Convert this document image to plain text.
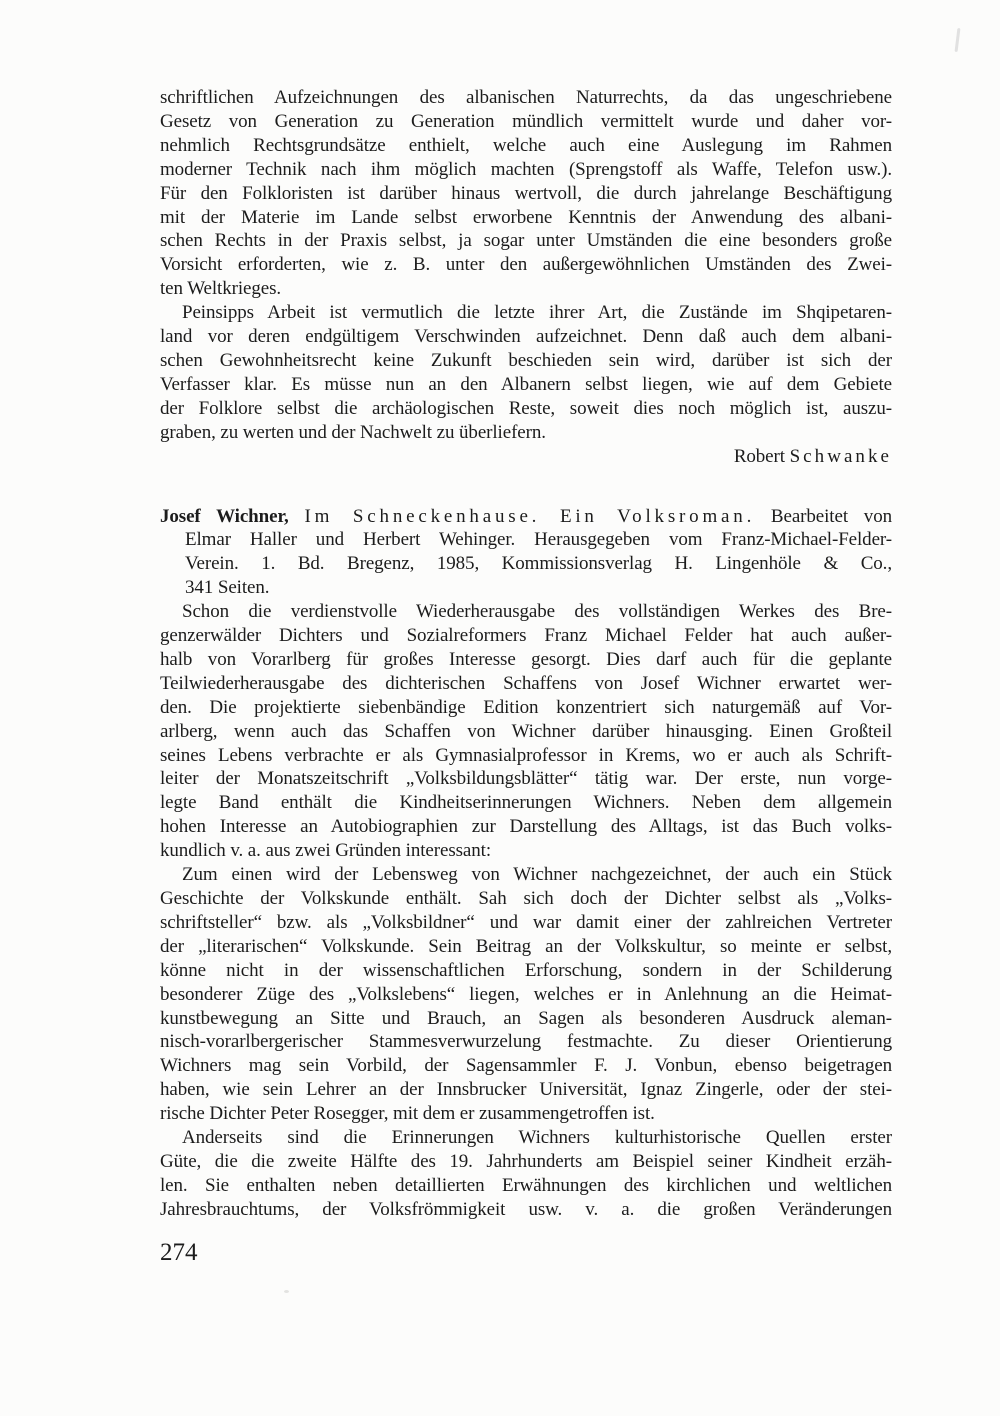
schriftlichen Aufzeichnungen des albanischen Naturrechts, da das ungeschriebene
Gesetz von Generation zu Generation mündlich vermittelt wurde und daher vor-
nehmlich Rechtsgrundsätze enthielt, welche auch eine Auslegung im Rahmen
moderner Technik nach ihm möglich machten (Sprengstoff als Waffe, Telefon usw.).
Für den Folkloristen ist darüber hinaus wertvoll, die durch jahrelange Beschäftigung
mit der Materie im Lande selbst erworbene Kenntnis der Anwendung des albani-
schen Rechts in der Praxis selbst, ja sogar unter Umständen die eine besonders große
Vorsicht erforderten, wie z. B. unter den außergewöhnlichen Umständen des Zwei-
ten Weltkrieges.
Peinsipps Arbeit ist vermutlich die letzte ihrer Art, die Zustände im Shqipetaren-
land vor deren endgültigem Verschwinden aufzeichnet. Denn daß auch dem albani-
schen Gewohnheitsrecht keine Zukunft beschieden sein wird, darüber ist sich der
Verfasser klar. Es müsse nun an den Albanern selbst liegen, wie auf dem Gebiete
der Folklore selbst die archäologischen Reste, soweit dies noch möglich ist, auszu-
graben, zu werten und der Nachwelt zu überliefern.
Robert Schwanke
Josef Wichner, Im Schneckenhause. Ein Volksroman. Bearbeitet von
Elmar Haller und Herbert Wehinger. Herausgegeben vom Franz-Michael-Felder-
Verein. 1. Bd. Bregenz, 1985, Kommissionsverlag H. Lingenhöle & Co.,
341 Seiten.
Schon die verdienstvolle Wiederherausgabe des vollständigen Werkes des Bre-
genzerwälder Dichters und Sozialreformers Franz Michael Felder hat auch außer-
halb von Vorarlberg für großes Interesse gesorgt. Dies darf auch für die geplante
Teilwiederherausgabe des dichterischen Schaffens von Josef Wichner erwartet wer-
den. Die projektierte siebenbändige Edition konzentriert sich naturgemäß auf Vor-
arlberg, wenn auch das Schaffen von Wichner darüber hinausging. Einen Großteil
seines Lebens verbrachte er als Gymnasialprofessor in Krems, wo er auch als Schrift-
leiter der Monatszeitschrift „Volksbildungsblätter“ tätig war. Der erste, nun vorge-
legte Band enthält die Kindheitserinnerungen Wichners. Neben dem allgemein
hohen Interesse an Autobiographien zur Darstellung des Alltags, ist das Buch volks-
kundlich v. a. aus zwei Gründen interessant:
Zum einen wird der Lebensweg von Wichner nachgezeichnet, der auch ein Stück
Geschichte der Volkskunde enthält. Sah sich doch der Dichter selbst als „Volks-
schriftsteller“ bzw. als „Volksbildner“ und war damit einer der zahlreichen Vertreter
der „literarischen“ Volkskunde. Sein Beitrag an der Volkskultur, so meinte er selbst,
könne nicht in der wissenschaftlichen Erforschung, sondern in der Schilderung
besonderer Züge des „Volkslebens“ liegen, welches er in Anlehnung an die Heimat-
kunstbewegung an Sitte und Brauch, an Sagen als besonderen Ausdruck aleman-
nisch-vorarlbergerischer Stammesverwurzelung festmachte. Zu dieser Orientierung
Wichners mag sein Vorbild, der Sagensammler F. J. Vonbun, ebenso beigetragen
haben, wie sein Lehrer an der Innsbrucker Universität, Ignaz Zingerle, oder der stei-
rische Dichter Peter Rosegger, mit dem er zusammengetroffen ist.
Anderseits sind die Erinnerungen Wichners kulturhistorische Quellen erster
Güte, die die zweite Hälfte des 19. Jahrhunderts am Beispiel seiner Kindheit erzäh-
len. Sie enthalten neben detaillierten Erwähnungen des kirchlichen und weltlichen
Jahresbrauchtums, der Volksfrömmigkeit usw. v. a. die großen Veränderungen
274
